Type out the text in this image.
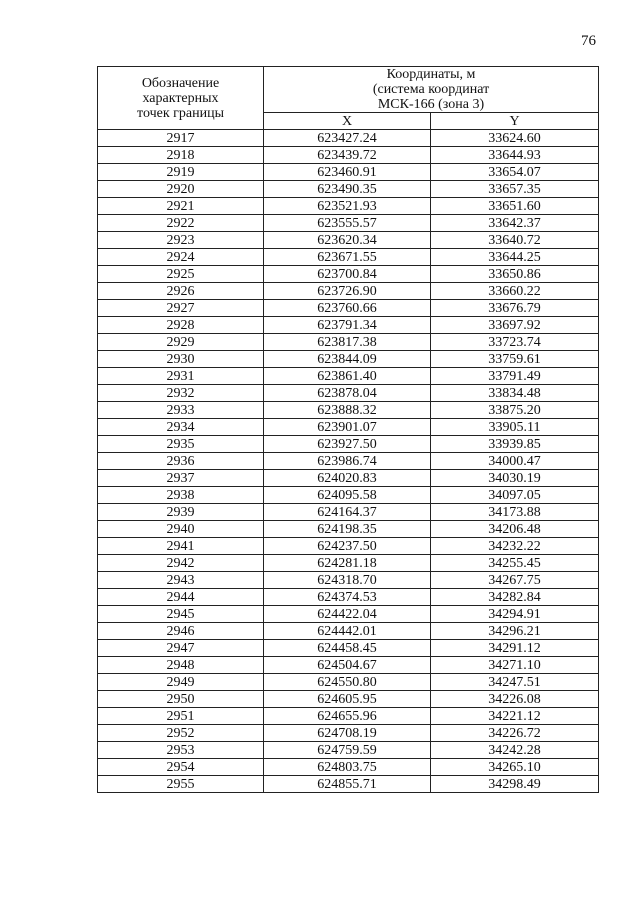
76
Обозначение
характерных
точек границы	Координаты, м
(система координат
МСК-166 (зона 3)	

	X	Y
2917	623427.24	33624.60
2918	623439.72	33644.93
2919	623460.91	33654.07
2920	623490.35	33657.35
2921	623521.93	33651.60
2922	623555.57	33642.37
2923	623620.34	33640.72
2924	623671.55	33644.25
2925	623700.84	33650.86
2926	623726.90	33660.22
2927	623760.66	33676.79
2928	623791.34	33697.92
2929	623817.38	33723.74
2930	623844.09	33759.61
2931	623861.40	33791.49
2932	623878.04	33834.48
2933	623888.32	33875.20
2934	623901.07	33905.11
2935	623927.50	33939.85
2936	623986.74	34000.47
2937	624020.83	34030.19
2938	624095.58	34097.05
2939	624164.37	34173.88
2940	624198.35	34206.48
2941	624237.50	34232.22
2942	624281.18	34255.45
2943	624318.70	34267.75
2944	624374.53	34282.84
2945	624422.04	34294.91
2946	624442.01	34296.21
2947	624458.45	34291.12
2948	624504.67	34271.10
2949	624550.80	34247.51
2950	624605.95	34226.08
2951	624655.96	34221.12
2952	624708.19	34226.72
2953	624759.59	34242.28
2954	624803.75	34265.10
2955	624855.71	34298.49
